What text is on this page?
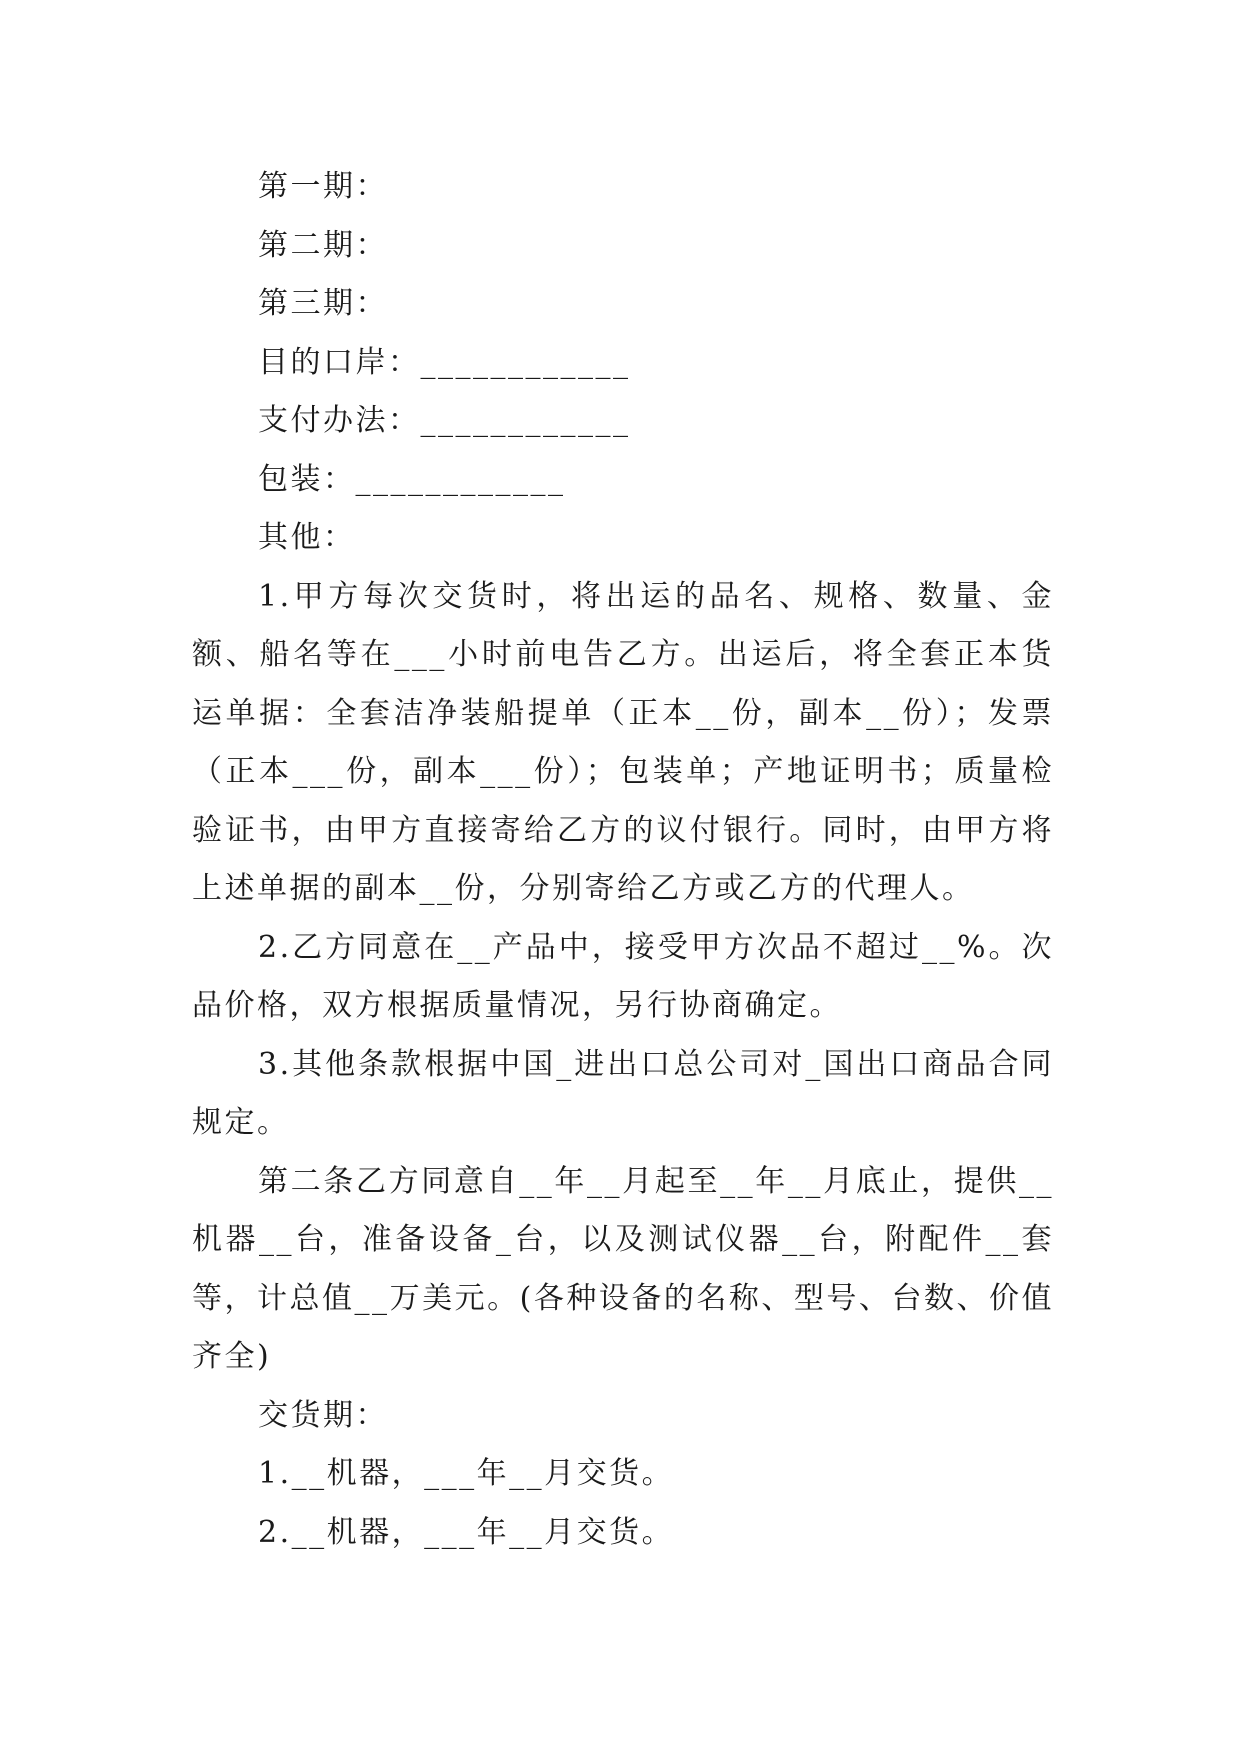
第一期：

第二期：

第三期：

目的口岸：____________

支付办法：____________

包装：____________

其他：

1.甲方每次交货时，将出运的品名、规格、数量、金额、船名等在___小时前电告乙方。出运后，将全套正本货运单据：全套洁净装船提单（正本__份，副本__份）；发票（正本___份，副本___份）；包装单；产地证明书；质量检验证书，由甲方直接寄给乙方的议付银行。同时，由甲方将上述单据的副本__份，分别寄给乙方或乙方的代理人。

2.乙方同意在__产品中，接受甲方次品不超过__%。次品价格，双方根据质量情况，另行协商确定。

3.其他条款根据中国_进出口总公司对_国出口商品合同规定。

第二条乙方同意自__年__月起至__年__月底止，提供__机器__台，准备设备_台，以及测试仪器__台，附配件__套等，计总值__万美元。(各种设备的名称、型号、台数、价值齐全)

交货期：

1.__机器，___年__月交货。

2.__机器，___年__月交货。
